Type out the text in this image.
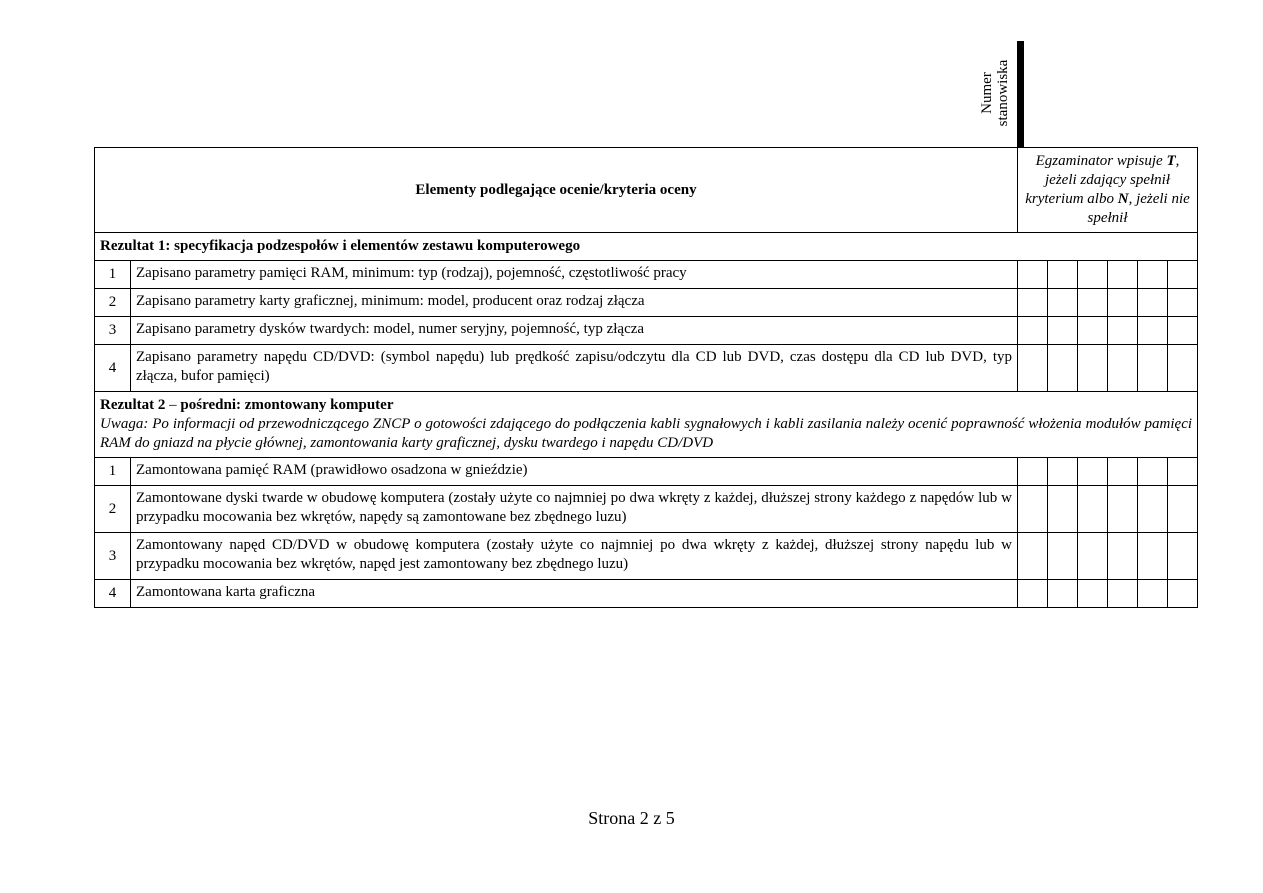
Numer stanowiska

Elementy podlegające ocenie/kryteria oceny		Egzaminator wpisuje T, jeżeli zdający spełnił kryterium albo N, jeżeli nie spełnił					
Rezultat 1: specyfikacja podzespołów i elementów zestawu komputerowego							
1	Zapisano parametry pamięci RAM, minimum: typ (rodzaj), pojemność, częstotliwość pracy						
2	Zapisano parametry karty graficznej, minimum: model, producent oraz rodzaj złącza						
3	Zapisano parametry dysków twardych: model, numer seryjny, pojemność, typ złącza						
4	Zapisano parametry napędu CD/DVD: (symbol napędu) lub prędkość zapisu/odczytu dla CD lub DVD, czas dostępu dla CD lub DVD, typ złącza, bufor pamięci)						

Rezultat 2 – pośredni: zmontowany komputer
Uwaga: Po informacji od przewodniczącego ZNCP o gotowości zdającego do podłączenia kabli sygnałowych i kabli zasilania należy ocenić poprawność włożenia modułów pamięci RAM do gniazd na płycie głównej, zamontowania karty graficznej, dysku twardego i napędu CD/DVD							

1	Zamontowana pamięć RAM (prawidłowo osadzona w gnieździe)						
2	Zamontowane dyski twarde w obudowę komputera (zostały użyte co najmniej po dwa wkręty z każdej, dłuższej strony każdego z napędów lub w przypadku mocowania bez wkrętów, napędy są zamontowane bez zbędnego luzu)						
3	Zamontowany napęd CD/DVD w obudowę komputera (zostały użyte co najmniej po dwa wkręty z każdej, dłuższej strony napędu lub w przypadku mocowania bez wkrętów, napęd jest zamontowany bez zbędnego luzu)						
4	Zamontowana karta graficzna						
Strona 2 z 5
